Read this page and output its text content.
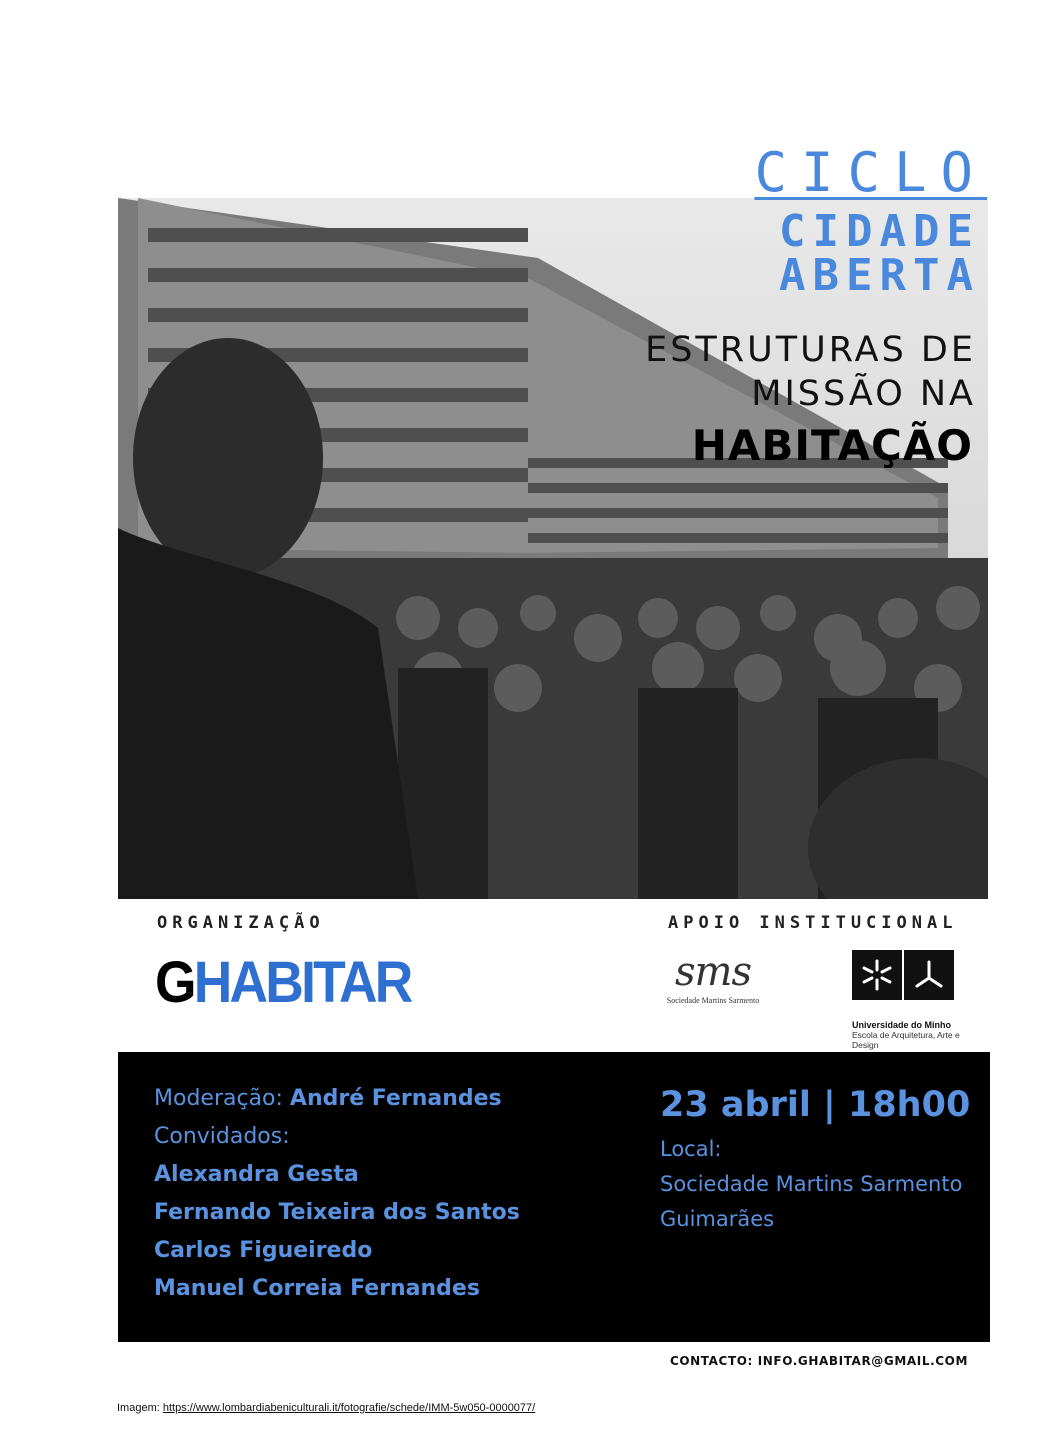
CICLO
CIDADE
ABERTA
ESTRUTURAS DE
MISSÃO NA
HABITAÇÃO
ORGANIZAÇÃO
GHABITAR
APOIO INSTITUCIONAL
sms
Sociedade Martins Sarmento
Universidade do Minho
Escola de Arquitetura, Arte e Design
Moderação: André Fernandes
Convidados:
Alexandra Gesta
Fernando Teixeira dos Santos
Carlos Figueiredo
Manuel Correia Fernandes
23 abril | 18h00
Local:
Sociedade Martins Sarmento
Guimarães
CONTACTO: INFO.GHABITAR@GMAIL.COM
Imagem: https://www.lombardiabeniculturali.it/fotografie/schede/IMM-5w050-0000077/
